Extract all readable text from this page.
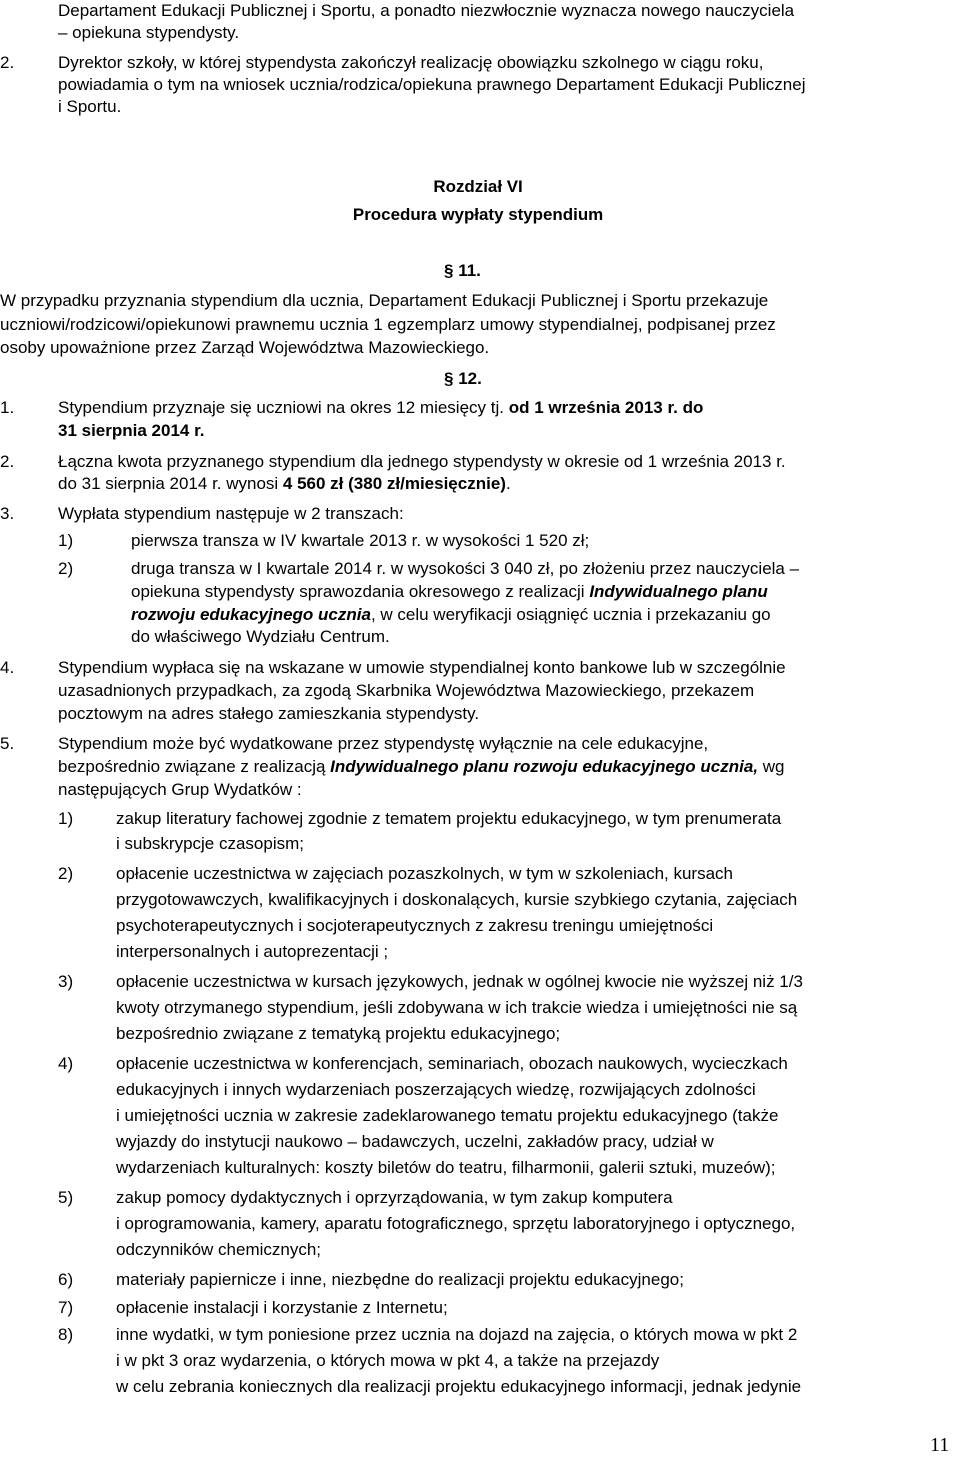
Departament Edukacji Publicznej i Sportu, a ponadto niezwłocznie wyznacza nowego nauczyciela
– opiekuna stypendysty.
2.	Dyrektor szkoły, w której stypendysta zakończył realizację obowiązku szkolnego w ciągu roku,
powiadamia o tym na wniosek ucznia/rodzica/opiekuna prawnego Departament Edukacji Publicznej
i Sportu.
Rozdział VI
Procedura wypłaty stypendium
§ 11.
W przypadku przyznania stypendium dla ucznia, Departament Edukacji Publicznej i Sportu przekazuje
uczniowi/rodzicowi/opiekunowi prawnemu ucznia 1 egzemplarz umowy stypendialnej, podpisanej przez
osoby upoważnione przez Zarząd Województwa Mazowieckiego.
§ 12.
1.	Stypendium przyznaje się uczniowi na okres 12 miesięcy tj. od 1 września 2013 r. do
31 sierpnia 2014 r.
2.	Łączna kwota przyznanego stypendium dla jednego stypendysty w okresie od 1 września 2013 r.
do 31 sierpnia 2014 r. wynosi 4 560 zł (380 zł/miesięcznie).
3.	Wypłata stypendium następuje w 2 transzach:
1)	pierwsza transza w IV kwartale 2013 r. w wysokości 1 520 zł;
2)	druga transza w I kwartale 2014 r. w wysokości 3 040 zł, po złożeniu przez nauczyciela –
opiekuna stypendysty sprawozdania okresowego z realizacji Indywidualnego planu
rozwoju edukacyjnego ucznia, w celu weryfikacji osiągnięć ucznia i przekazaniu go
do właściwego Wydziału Centrum.
4.	Stypendium wypłaca się na wskazane w umowie stypendialnej konto bankowe lub w szczególnie
uzasadnionych przypadkach, za zgodą Skarbnika Województwa Mazowieckiego, przekazem
pocztowym na adres stałego zamieszkania stypendysty.
5.	Stypendium może być wydatkowane przez stypendystę wyłącznie na cele edukacyjne,
bezpośrednio związane z realizacją Indywidualnego planu rozwoju edukacyjnego ucznia, wg
następujących Grup Wydatków :
1)	zakup literatury fachowej zgodnie z tematem projektu edukacyjnego, w tym prenumerata
i subskrypcje czasopism;
2)	opłacenie uczestnictwa w zajęciach pozaszkolnych, w tym w szkoleniach, kursach
przygotowawczych, kwalifikacyjnych i doskonalących, kursie szybkiego czytania, zajęciach
psychoterapeutycznych i socjoterapeutycznych z zakresu treningu umiejętności
interpersonalnych i autoprezentacji ;
3)	opłacenie uczestnictwa w kursach językowych, jednak w ogólnej kwocie nie wyższej niż 1/3
kwoty otrzymanego stypendium, jeśli zdobywana w ich trakcie wiedza i umiejętności nie są
bezpośrednio związane z tematyką projektu edukacyjnego;
4)	opłacenie uczestnictwa w konferencjach, seminariach, obozach naukowych, wycieczkach
edukacyjnych i innych wydarzeniach poszerzających wiedzę, rozwijających zdolności
i umiejętności ucznia w zakresie zadeklarowanego tematu projektu edukacyjnego (także
wyjazdy do instytucji naukowo – badawczych, uczelni, zakładów pracy, udział w
wydarzeniach kulturalnych: koszty biletów do teatru, filharmonii, galerii sztuki, muzeów);
5)	zakup pomocy dydaktycznych i oprzyrządowania, w tym zakup komputera
i oprogramowania, kamery, aparatu fotograficznego, sprzętu laboratoryjnego i optycznego,
odczynników chemicznych;
6)	materiały papiernicze i inne, niezbędne do realizacji projektu edukacyjnego;
7)	opłacenie instalacji i korzystanie z Internetu;
8)	inne wydatki, w tym poniesione przez ucznia na dojazd na zajęcia, o których mowa w pkt 2
i w pkt 3 oraz wydarzenia, o których mowa w pkt 4, a także na przejazdy
w celu zebrania koniecznych dla realizacji projektu edukacyjnego informacji, jednak jedynie
11
